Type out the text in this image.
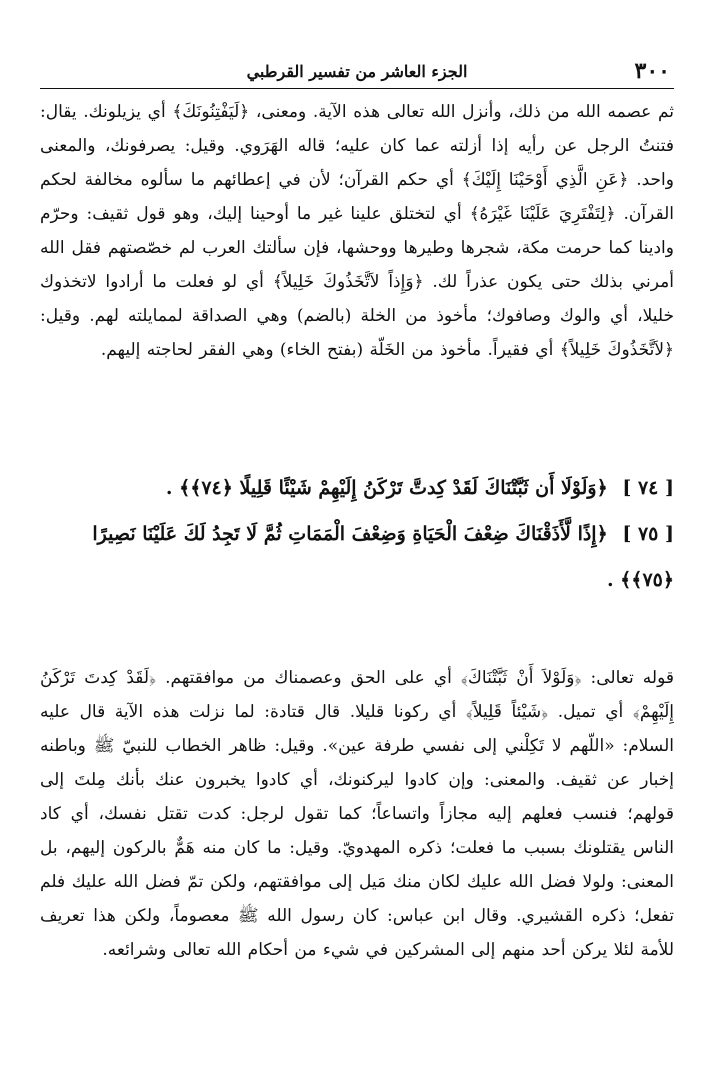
٣٠٠
الجزء العاشر من تفسير القرطبي

ثم عصمه الله من ذلك، وأنزل الله تعالى هذه الآية. ومعنى، ﴿لَيَفْتِنُونَكَ﴾ أي يزيلونك. يقال: فتنتُ الرجل عن رأيه إذا أزلته عما كان عليه؛ قاله الهَرَوي. وقيل: يصرفونك، والمعنى واحد. ﴿عَنِ الَّذِي أَوْحَيْنَا إِلَيْكَ﴾ أي حكم القرآن؛ لأن في إعطائهم ما سألوه مخالفة لحكم القرآن. ﴿لِتَفْتَرِيَ عَلَيْنَا غَيْرَهُ﴾ أي لتختلق علينا غير ما أوحينا إليك، وهو قول ثقيف: وحرّم وادينا كما حرمت مكة، شجرها وطيرها ووحشها، فإن سألتك العرب لم خصّصتهم فقل الله أمرني بذلك حتى يكون عذراً لك. ﴿وَإِذاً لاَتَّخَذُوكَ خَلِيلاً﴾ أي لو فعلت ما أرادوا لاتخذوك خليلا، أي والوك وصافوك؛ مأخوذ من الخلة (بالضم) وهي الصداقة لممايلته لهم. وقيل: ﴿لاَتَّخَذُوكَ خَلِيلاً﴾ أي فقيراً. مأخوذ من الخَلّة (بفتح الخاء) وهي الفقر لحاجته إليهم.

[ ٧٤ ] ﴿وَلَوْلَا أَن ثَبَّتْنَاكَ لَقَدْ كِدتَّ تَرْكَنُ إِلَيْهِمْ شَيْئًا قَلِيلًا ﴿٧٤﴾﴾ .

[ ٧٥ ] ﴿إِذًا لَّأَذَقْنَاكَ ضِعْفَ الْحَيَاةِ وَضِعْفَ الْمَمَاتِ ثُمَّ لَا تَجِدُ لَكَ عَلَيْنَا نَصِيرًا ﴿٧٥﴾﴾ .

قوله تعالى: ﴿وَلَوْلاَ أَنْ ثَبَّتْنَاكَ﴾ أي على الحق وعصمناك من موافقتهم. ﴿لَقَدْ كِدتَ تَرْكَنُ إِلَيْهِمْ﴾ أي تميل. ﴿شَيْئاً قَلِيلاً﴾ أي ركونا قليلا. قال قتادة: لما نزلت هذه الآية قال عليه السلام: «اللّهم لا تَكِلْني إلى نفسي طرفة عين». وقيل: ظاهر الخطاب للنبيّ ﷺ وباطنه إخبار عن ثقيف. والمعنى: وإن كادوا ليركنونك، أي كادوا يخبرون عنك بأنك مِلتَ إلى قولهم؛ فنسب فعلهم إليه مجازاً واتساعاً؛ كما تقول لرجل: كدت تقتل نفسك، أي كاد الناس يقتلونك بسبب ما فعلت؛ ذكره المهدويّ. وقيل: ما كان منه هَمٌّ بالركون إليهم، بل المعنى: ولولا فضل الله عليك لكان منك مَيل إلى موافقتهم، ولكن تمّ فضل الله عليك فلم تفعل؛ ذكره القشيري. وقال ابن عباس: كان رسول الله ﷺ معصوماً، ولكن هذا تعريف للأمة لئلا يركن أحد منهم إلى المشركين في شيء من أحكام الله تعالى وشرائعه.
